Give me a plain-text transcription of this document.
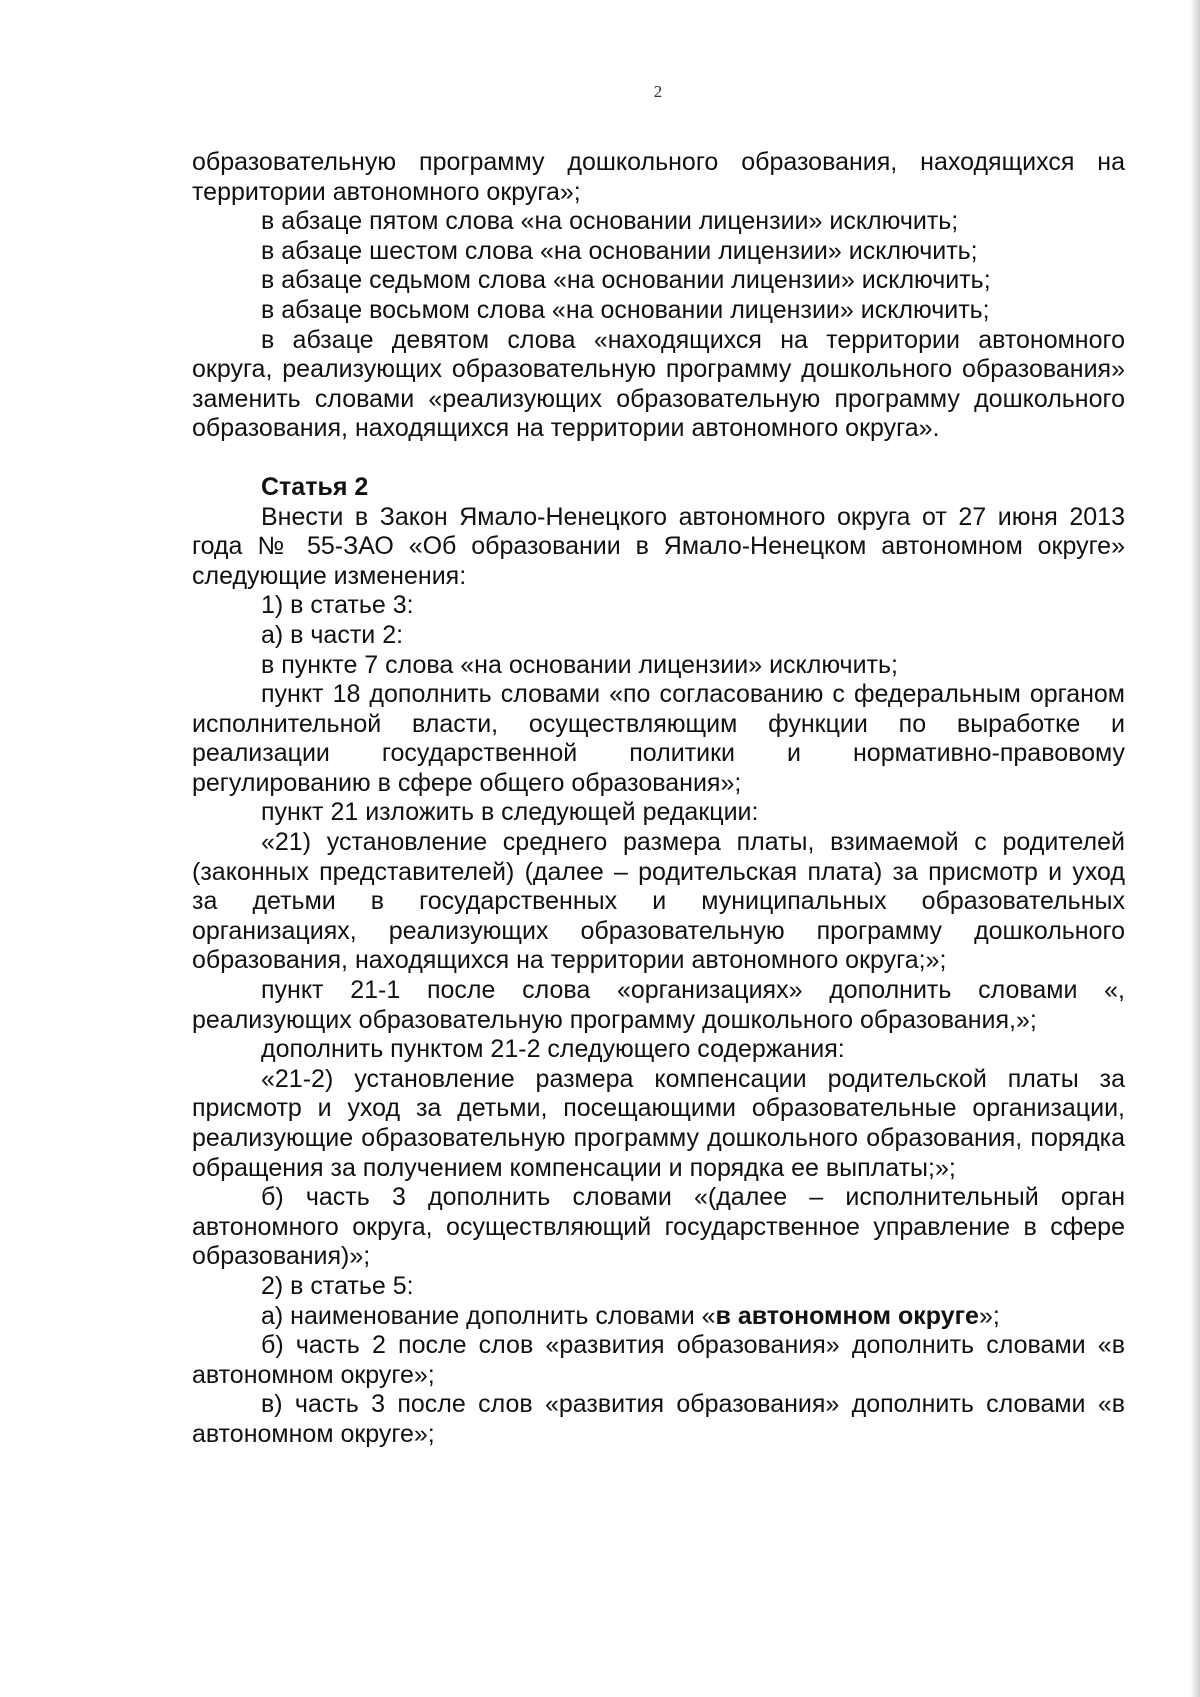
2

образовательную программу дошкольного образования, находящихся на территории автономного округа»;

в абзаце пятом слова «на основании лицензии» исключить;

в абзаце шестом слова «на основании лицензии» исключить;

в абзаце седьмом слова «на основании лицензии» исключить;

в абзаце восьмом слова «на основании лицензии» исключить;

в абзаце девятом слова «находящихся на территории автономного округа, реализующих образовательную программу дошкольного образования» заменить словами «реализующих образовательную программу дошкольного образования, находящихся на территории автономного округа».

Статья 2

Внести в Закон Ямало-Ненецкого автономного округа от 27 июня 2013 года № 55-ЗАО «Об образовании в Ямало-Ненецком автономном округе» следующие изменения:

1) в статье 3:

а) в части 2:

в пункте 7 слова «на основании лицензии» исключить;

пункт 18 дополнить словами «по согласованию с федеральным органом исполнительной власти, осуществляющим функции по выработке и реализации государственной политики и нормативно-правовому регулированию в сфере общего образования»;

пункт 21 изложить в следующей редакции:

«21) установление среднего размера платы, взимаемой с родителей (законных представителей) (далее – родительская плата) за присмотр и уход за детьми в государственных и муниципальных образовательных организациях, реализующих образовательную программу дошкольного образования, находящихся на территории автономного округа;»;

пункт 21-1 после слова «организациях» дополнить словами «, реализующих образовательную программу дошкольного образования,»;

дополнить пунктом 21-2 следующего содержания:

«21-2) установление размера компенсации родительской платы за присмотр и уход за детьми, посещающими образовательные организации, реализующие образовательную программу дошкольного образования, порядка обращения за получением компенсации и порядка ее выплаты;»;

б) часть 3 дополнить словами «(далее – исполнительный орган автономного округа, осуществляющий государственное управление в сфере образования)»;

2) в статье 5:

а) наименование дополнить словами «в автономном округе»;

б) часть 2 после слов «развития образования» дополнить словами «в автономном округе»;

в) часть 3 после слов «развития образования» дополнить словами «в автономном округе»;
